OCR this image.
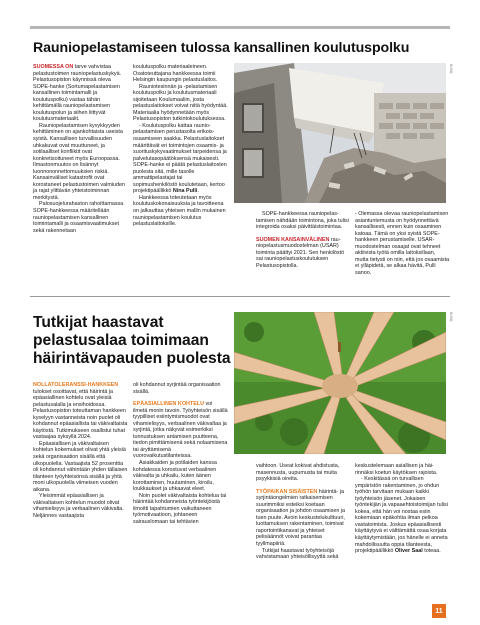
Rauniopelastamiseen tulossa kansallinen koulutuspolku

SUOMESSA ON tarve vahvistaa pelastustoimen rauniopelastuskykyä. Pelastusopiston käynnissä oleva SOPE-hanke (Sortumapelastamisen kansallinen toimintamalli ja koulutuspolku) vastaa tähän kehittämällä rauniopelastamisen koulutuspolun ja siihen liittyvät koulutusmateriaalit.

Rauniopelastamisen kyvykkyyden kehittäminen on ajankohtaista useista syistä. Kansallisen turvallisuuden uhkakuvat ovat muuttuneet, ja sotilaalliset konfliktit ovat konkretisoituneet myös Euroopassa. Ilmastonmuutos on lisännyt luonnononnettomuuksien riskiä. Kansainväliset katastrofit ovat korostaneet pelastustoimen valmiuden ja rajat ylittävän yhteistoiminnan merkitystä.

Palosuojelurahaston rahoittamassa SOPE-hankkeessa määritellään rauniopelastamisen kansallinen toimintamalli ja osaamisvaatimukset sekä rakennetaan

koulutuspolku materiaaleineen. Osatoteuttajana hankkeessa toimii Helsingin kaupungin pelastuslaitos.

Rauniotesinnän ja -pelastamisen koulutuspolku ja koulutusmateriaali sijoitetaan Koulumaaliin, josta pelastuslaitokset voivat niitä hyödyntää. Materiaalia hyödynnetään myös Pelastusopiston tutkintokoulutuksessa.

- Koulutuspolku kattaa rauniopelastamisen perustasolta erikoisosaamiseen saakka. Pelastuslaitokset määrittävät eri toimintojen osaamis- ja suorituskykyvaatimukset tarpeidensa ja palvelutasopäätöksensä mukaisesti. SOPE-hanke ei päätä pelastuslaitosten puolesta sitä, mille tasolle ammattipelastajat tai sopimushenkilöstö koulutetaan, kertoo projektipäällikkö Nina Pulli.

Hankkeessa toteutetaan myös koulutuskokonaisuuksia ja tavoitteena on jalkauttaa yhteisen mallin mukainen rauniopelastamisen koulutus pelastuslaitoksille.

KUVA:

SOPE-hankkeessa rauniopelastamisen nähdään toimintona, joka tulisi integroida osaksi päivittäistoimintaa.

SUOMEN KANSAINVÄLINEN rauniopelastusmuodostelman (USAR) toiminta päättyi 2021. Sen henkilöstö sai rauniopelastuskoulutuksen Pelastusopistolla.

- Olemassa olevaa rauniopelastamisen asiantuntemusta on hyödynnettävä kansallisesti, ennen kuin osaaminen katoaa. Tämä on yksi syistä SOPE-hankkeen perustamiselle. USAR-muodostelman osaajat ovat tehneet aktiivista työtä omilla laitoksillaan, mutta tietysti on niin, että jos osaamista ei ylläpidetä, se alkaa hävitä, Pulli sanoo.

Tutkijat haastavat pelastusalaa toimimaan häirintävapauden puolesta
KUVA:

NOLLATOLERANSSI-HANKKEEN tulokset osoittavat, että häirintä ja epäasiallinen kohtelu ovat yleisiä pelastusalalla ja ensihoidossa. Pelastusopiston toteuttaman hankkeen kyselyyn vastanneista noin puolet oli kohdannut epäasiallista tai väkivaltaista käytöstä. Tutkimukseen osallistui tuhat vastaajaa syksyllä 2024.

Epäasiallisen ja väkivaltaisen kohtelun kokemukset olivat yhtä yleisiä sekä organisaation sisällä että ulkopuolella. Vastaajista 52 prosenttia oli kohdannut vähintään yhden tällaisen tilanteen työyhteisönsä sisällä ja yhtä moni ulkopuolella viimeisen vuoden aikana.

Yleisimmät epäasiallisen ja väkivaltaisen kohtelun muodot olivat vihamielisyys ja verbaalinen väkivalta. Neljännes vastaajista

oli kohdannut syrjintää organisaation sisällä.

EPÄASIALLINEN KOHTELU voi ilmetä monin tavoin. Työyhteisön sisällä tyypilliset esiintymismuodot ovat vihamielisyys, verbaalinen väkivaltaa ja syrjintä, jotka näkyvät esimerkiksi tunnustuksen antamisen puutteena, tiedon pimittämisenä sekä nolaamisena tai äryttämisenä vuorovaikutustilanteissa.

Asiakkaiden ja potilaiden kanssa kohdatessa korostuvat verbaalinen väkivalta ja uhkailu, kuten äänen korottaminen, huutaminen, kiroilu, loukkaukset ja uhkaavat eleet.

Noin puolet väkivaltaista kohtelua tai häirintää kohdanneista työntekijöistä ilmoitti tapahtumien vaikuttaneen työmotivaatioon, johtaneen sairauslomaan tai tehtävien

vaihtoon. Useat kokivat ahdistusta, masennusta, uupumusta tai muita psyykkisiä oireita.

TYÖPAIKAN SISÄISTEN häirintä- ja syrjintäongelmien ratkaisemisen suurimmiksi esteiksi koetaan organisaation ja johdon osaamisen ja tuen puute. Avoin keskustelukulttuuri, luottamuksen rakentaminen, toimivat raportointikanavat ja yhteiset pelisäännöt voivat parantaa tyyllmapiiriä.

Tutkijat haastavat työyhteisöjä vahvistamaan yhteisöllisyyttä sekä

keskustelemaan asiallisen ja häirinnäksi koetun käytöksen rajoista.

- Keskitässä on turvallisen ympäristön rakentaminen, jo ohdun työhön tarvitaan mukaan kaikki työyhteisön jäsenet. Jokaisen työntekijän ja vapaaehtoistoimijan tulisi kokea, että hän voi nostaa esiin kokemiaan epäkohtia ilman pelkoa vastatoimista. Joskus epäasiallisesti käyttäytyvä ei välttämättä osaa korjata käyttäytymistään, jos hänelle ei anneta mahdollisuutta oppia tilanteesta, projektipäällikkö Oliver Saal toteaa.

11
